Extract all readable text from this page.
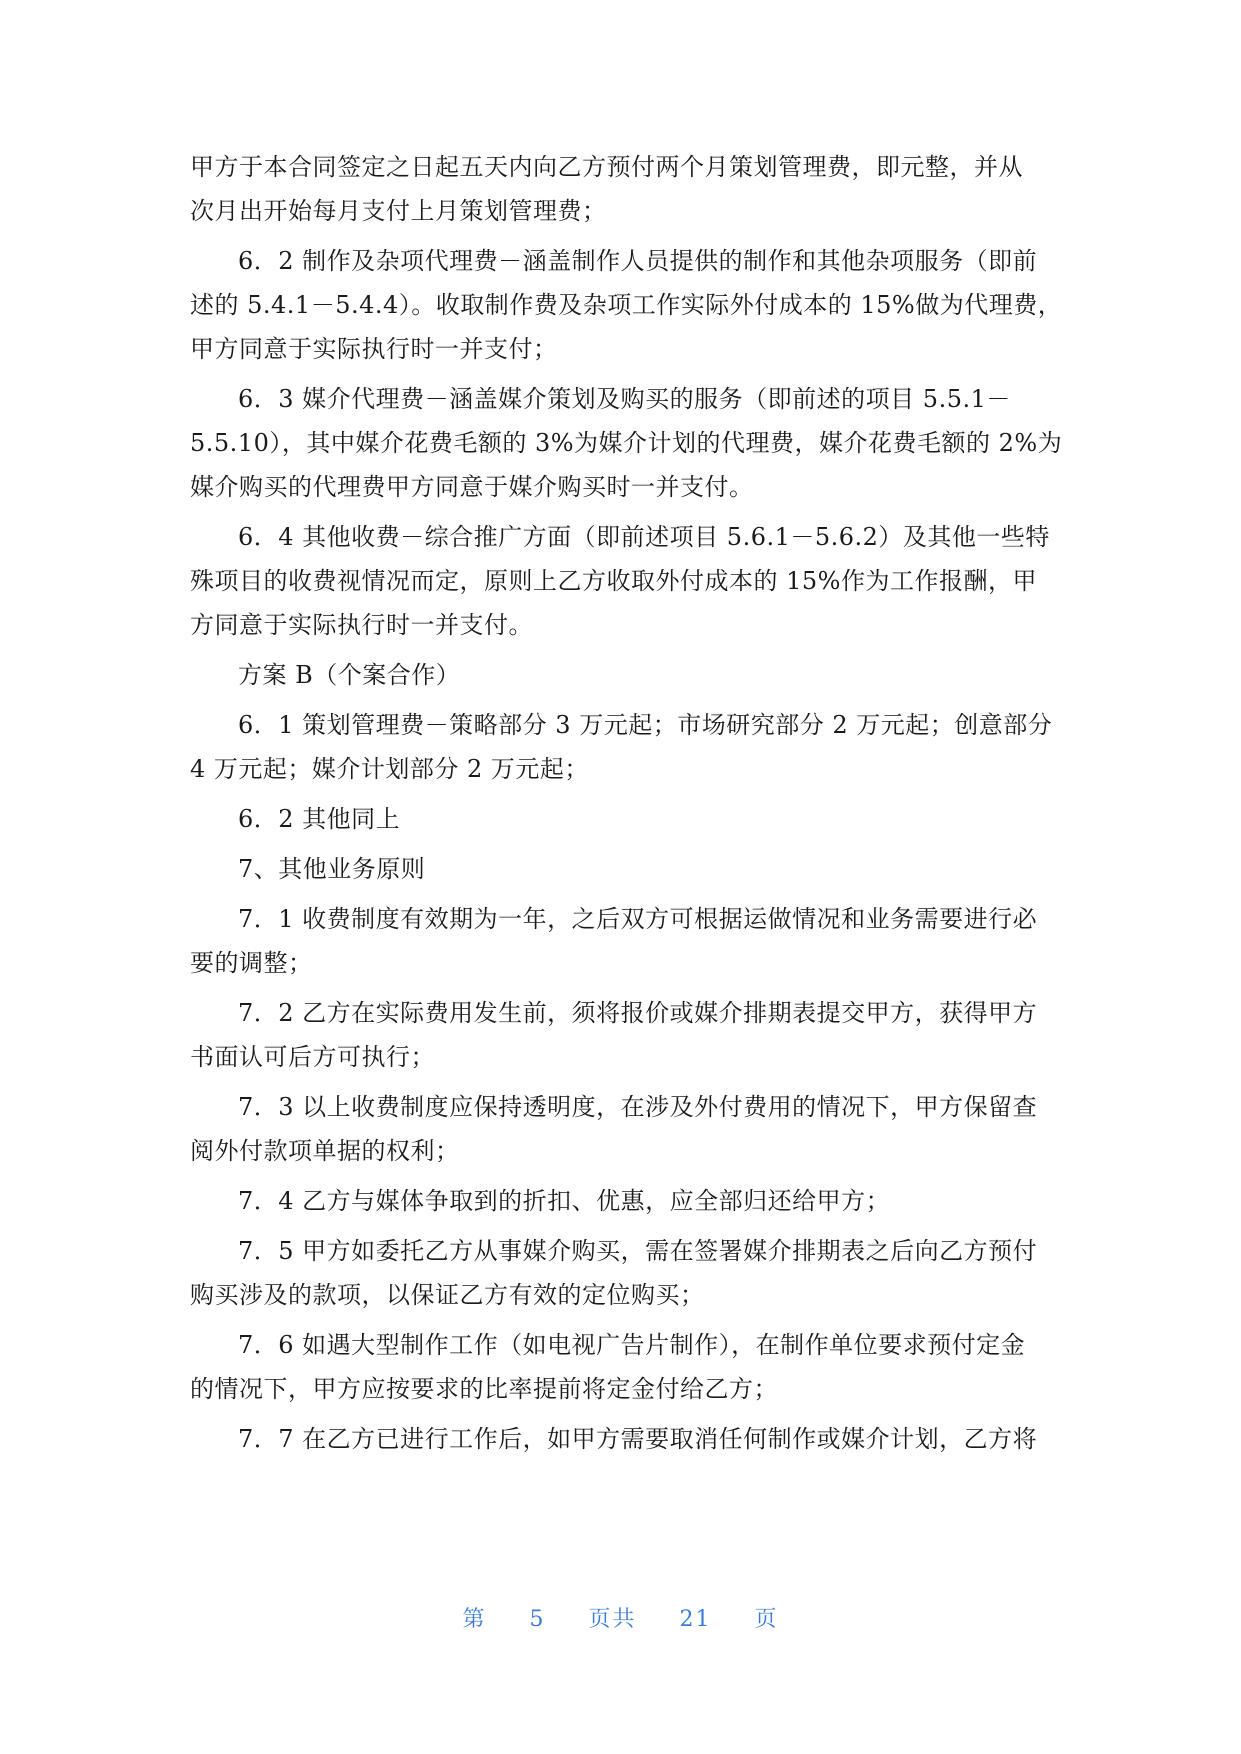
甲方于本合同签定之日起五天内向乙方预付两个月策划管理费，即元整，并从
次月出开始每月支付上月策划管理费；
6．2 制作及杂项代理费－涵盖制作人员提供的制作和其他杂项服务（即前
述的 5.4.1－5.4.4）。收取制作费及杂项工作实际外付成本的 15%做为代理费，
甲方同意于实际执行时一并支付；
6．3 媒介代理费－涵盖媒介策划及购买的服务（即前述的项目 5.5.1－
5.5.10），其中媒介花费毛额的 3%为媒介计划的代理费，媒介花费毛额的 2%为
媒介购买的代理费甲方同意于媒介购买时一并支付。
6．4 其他收费－综合推广方面（即前述项目 5.6.1－5.6.2）及其他一些特
殊项目的收费视情况而定，原则上乙方收取外付成本的 15%作为工作报酬，甲
方同意于实际执行时一并支付。
方案 B（个案合作）
6．1 策划管理费－策略部分 3 万元起；市场研究部分 2 万元起；创意部分
4 万元起；媒介计划部分 2 万元起；
6．2 其他同上
7、其他业务原则
7．1 收费制度有效期为一年，之后双方可根据运做情况和业务需要进行必
要的调整；
7．2 乙方在实际费用发生前，须将报价或媒介排期表提交甲方，获得甲方
书面认可后方可执行；
7．3 以上收费制度应保持透明度，在涉及外付费用的情况下，甲方保留查
阅外付款项单据的权利；
7．4 乙方与媒体争取到的折扣、优惠，应全部归还给甲方；
7．5 甲方如委托乙方从事媒介购买，需在签署媒介排期表之后向乙方预付
购买涉及的款项，以保证乙方有效的定位购买；
7．6 如遇大型制作工作（如电视广告片制作），在制作单位要求预付定金
的情况下，甲方应按要求的比率提前将定金付给乙方；
7．7 在乙方已进行工作后，如甲方需要取消任何制作或媒介计划，乙方将
第 5 页共 21 页
